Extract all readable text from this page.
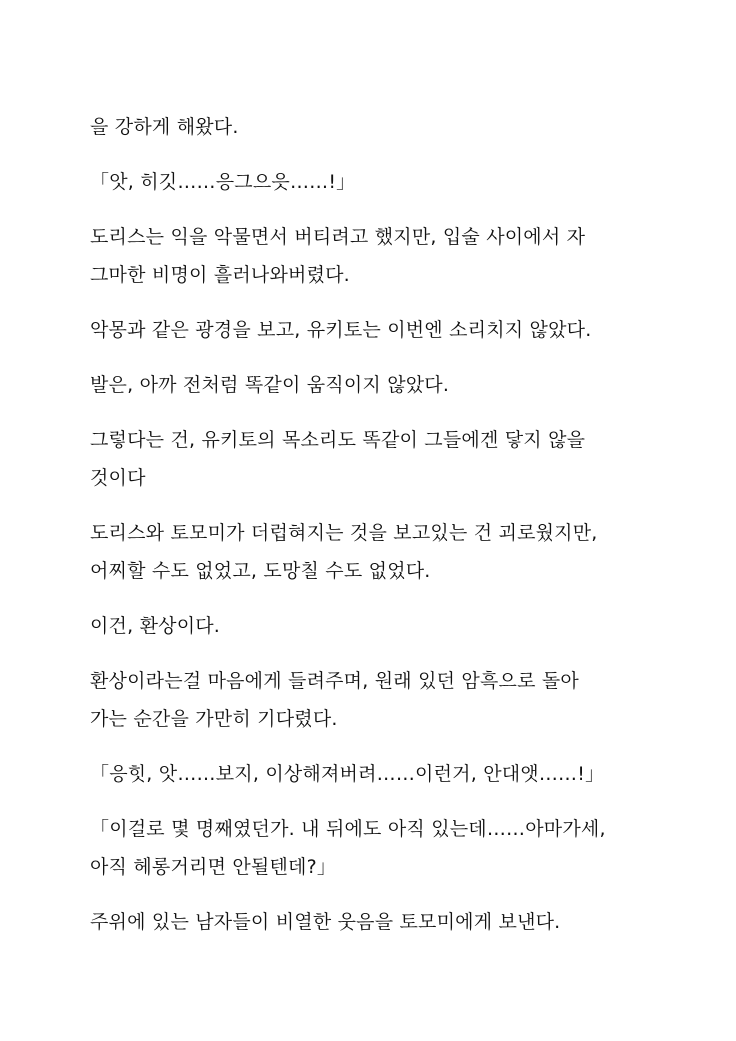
을 강하게 해왔다.

「앗, 히깃……응그으읏……!」

도리스는 익을 악물면서 버티려고 했지만, 입술 사이에서 자
그마한 비명이 흘러나와버렸다.

악몽과 같은 광경을 보고, 유키토는 이번엔 소리치지 않았다.

발은, 아까 전처럼 똑같이 움직이지 않았다.

그렇다는 건, 유키토의 목소리도 똑같이 그들에겐 닿지 않을
것이다

도리스와 토모미가 더럽혀지는 것을 보고있는 건 괴로웠지만,
어찌할 수도 없었고, 도망칠 수도 없었다.

이건, 환상이다.

환상이라는걸 마음에게 들려주며, 원래 있던 암흑으로 돌아
가는 순간을 가만히 기다렸다.

「응힛, 앗……보지, 이상해져버려……이런거, 안대앳……!」

「이걸로 몇 명째였던가. 내 뒤에도 아직 있는데……아마가세,
아직 헤롱거리면 안될텐데?」

주위에 있는 남자들이 비열한 웃음을 토모미에게 보낸다.
